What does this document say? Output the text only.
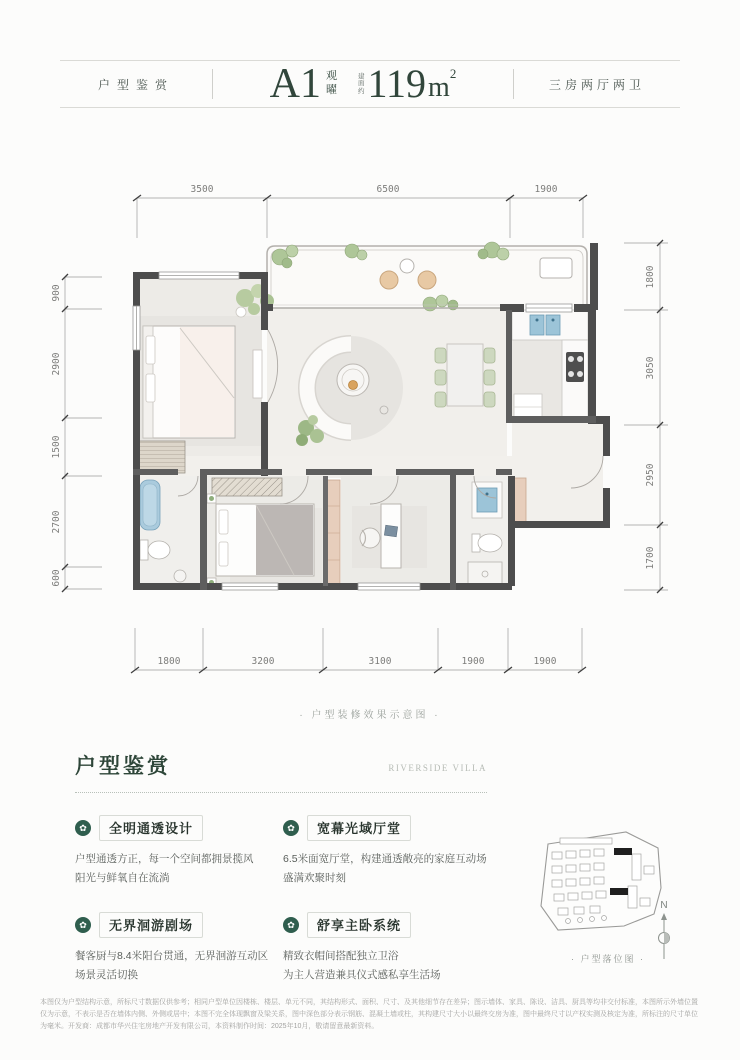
户型鉴赏	A1 观
曜
建
面
约 119 $m^2$
三房两厅两卫
3500	6500	1900
900
2900
1500
2700
600
1800
3050
2950
1700
1800	3200	3100	1900	1900
· 户型装修效果示意图 ·
户型鉴赏	RIVERSIDE VILLA
✿	全明通透设计
户型通透方正，每一个空间都拥景揽风
阳光与鲜氧自在流淌
✿	宽幕光域厅堂
6.5米面宽厅堂，构建通透敞亮的家庭互动场
盛满欢聚时刻
✿	无界洄游剧场
餐客厨与8.4米阳台贯通，无界洄游互动区
场景灵活切换
✿	舒享主卧系统
精致衣帽间搭配独立卫浴
为主人营造兼具仪式感私享生活场
· 户型落位图 ·
N

本图仅为户型结构示意，所标尺寸数据仅供参考；相同户型单位因楼栋、楼层、单元不同，其结构形式、面积、尺寸、及其他细节存在差异；图示墙体、家具、陈设、洁具、厨具等均非交付标准，本图所示外墙位置仅为示意，不表示是否在墙体内侧、外侧或居中；本图不完全体现飘窗及梁关系，图中深色部分表示钢筋、混凝土墙或柱，其构建尺寸大小以最终交房为准，图中最终尺寸以产权实测及核定为准，所标注的尺寸单位为毫米。开发商：成都市华兴住宅房地产开发有限公司，本资料制作时间：2025年10月，敬请留意最新资料。
